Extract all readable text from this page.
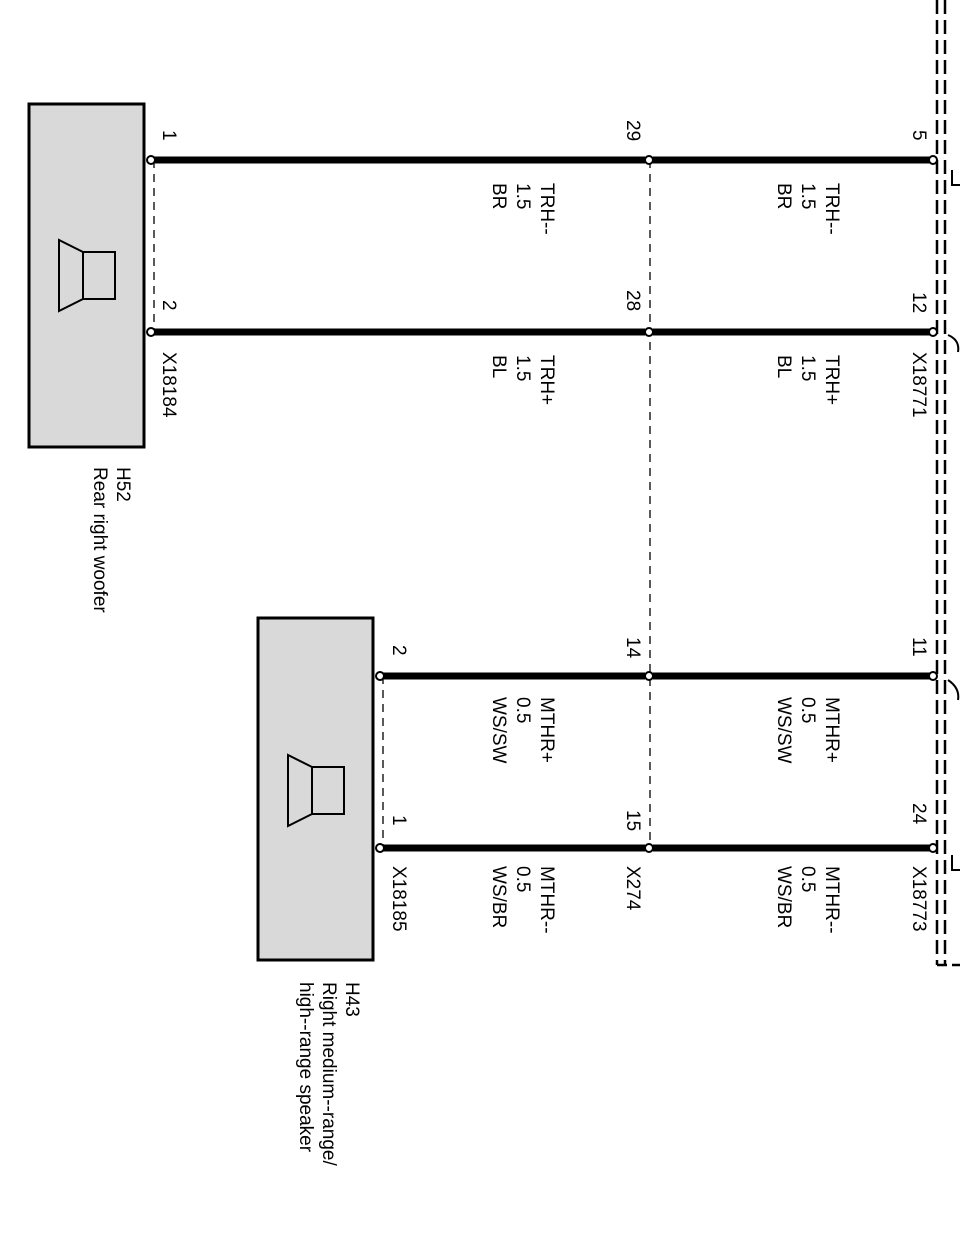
1
2
29
28
14
15
5
12
11
24
2
1
X18184	X18771
X274	X18773
X18185
TRH--
1.5
BR	TRH--
1.5
BR
TRH+
1.5
BL	TRH+
1.5
BL
MTHR+
0.5
WS/SW	MTHR+
0.5
WS/SW
MTHR--
0.5
WS/BR	MTHR--
0.5
WS/BR
H52
Rear right woofer
H43
Right medium--range/
high--range speaker
